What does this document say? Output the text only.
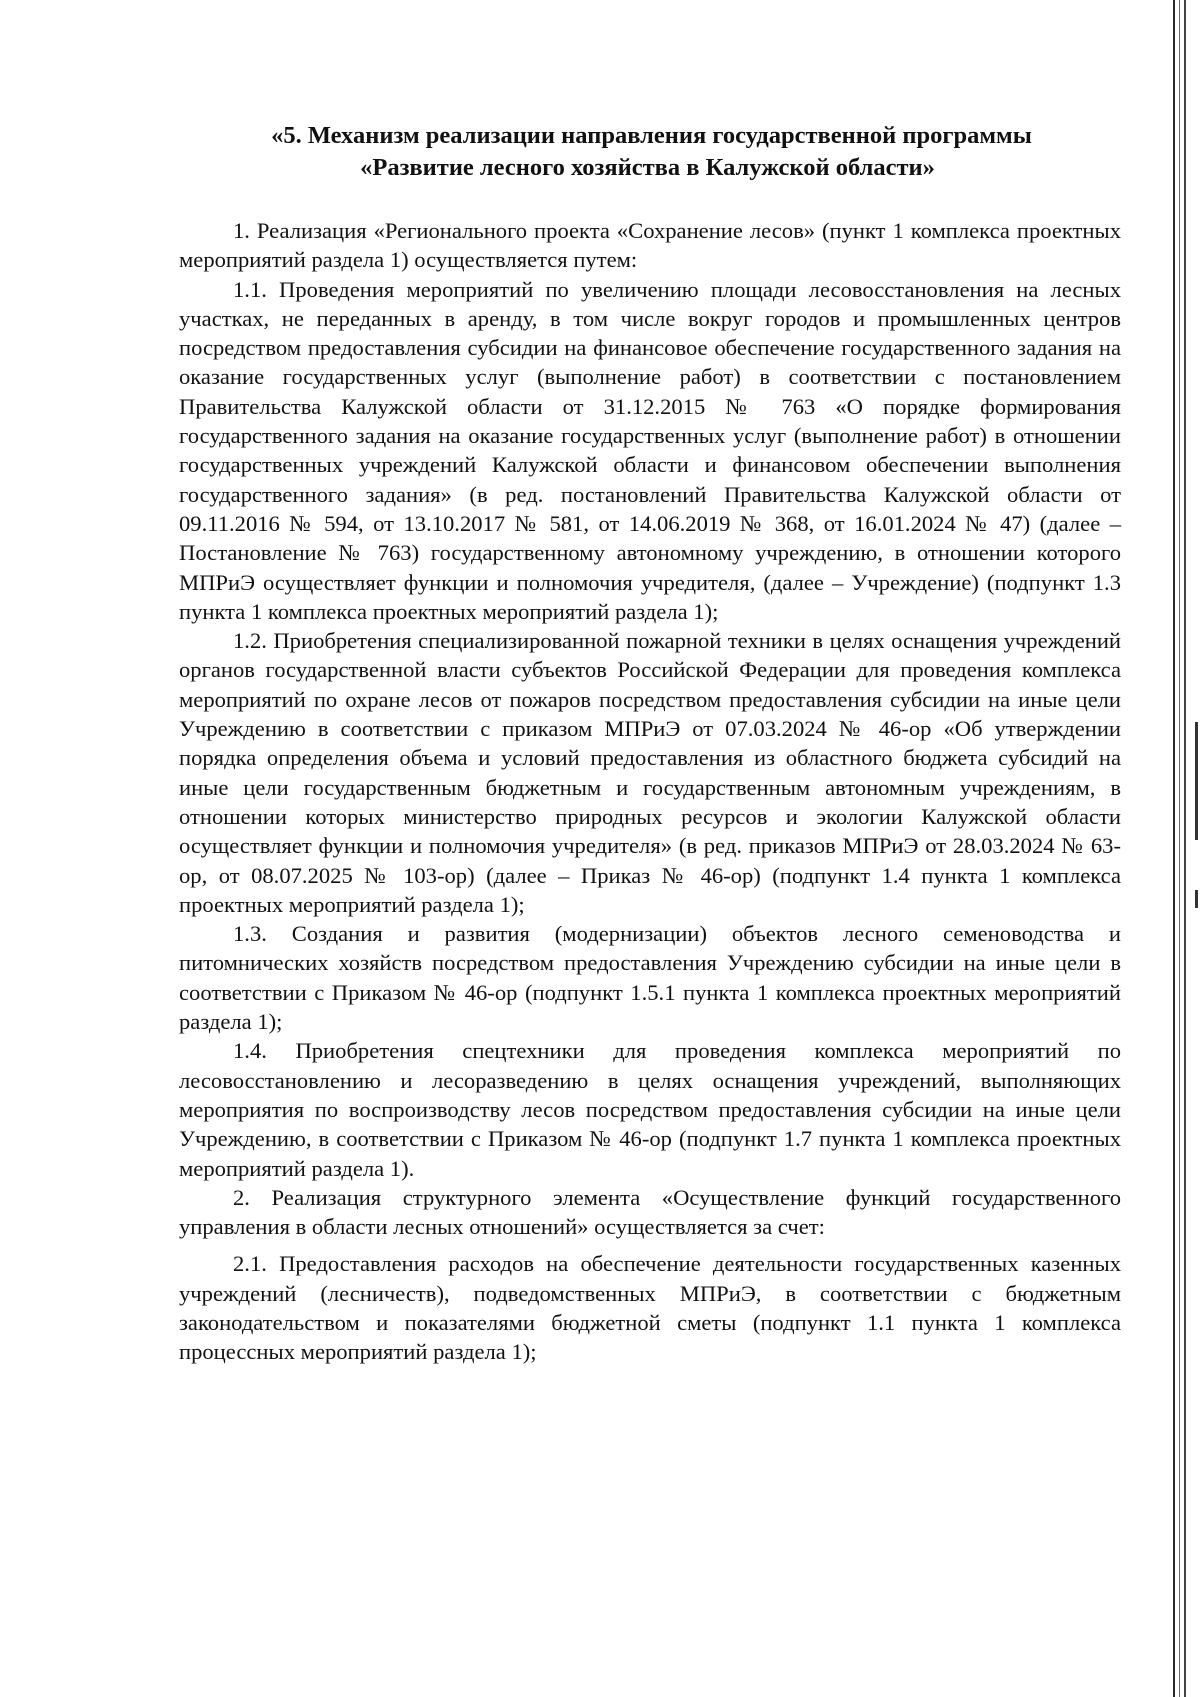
«5. Механизм реализации направления государственной программы
«Развитие лесного хозяйства в Калужской области»

1. Реализация «Регионального проекта «Сохранение лесов» (пункт 1 комплекса проектных мероприятий раздела 1) осуществляется путем:

1.1. Проведения мероприятий по увеличению площади лесовосстановления на лесных участках, не переданных в аренду, в том числе вокруг городов и промышленных центров посредством предоставления субсидии на финансовое обеспечение государственного задания на оказание государственных услуг (выполнение работ) в соответствии с постановлением Правительства Калужской области от 31.12.2015 № 763 «О порядке формирования государственного задания на оказание государственных услуг (выполнение работ) в отношении государственных учреждений Калужской области и финансовом обеспечении выполнения государственного задания» (в ред. постановлений Правительства Калужской области от 09.11.2016 № 594, от 13.10.2017 № 581, от 14.06.2019 № 368, от 16.01.2024 № 47) (далее – Постановление № 763) государственному автономному учреждению, в отношении которого МПРиЭ осуществляет функции и полномочия учредителя, (далее – Учреждение) (подпункт 1.3 пункта 1 комплекса проектных мероприятий раздела 1);

1.2. Приобретения специализированной пожарной техники в целях оснащения учреждений органов государственной власти субъектов Российской Федерации для проведения комплекса мероприятий по охране лесов от пожаров посредством предоставления субсидии на иные цели Учреждению в соответствии с приказом МПРиЭ от 07.03.2024 № 46-ор «Об утверждении порядка определения объема и условий предоставления из областного бюджета субсидий на иные цели государственным бюджетным и государственным автономным учреждениям, в отношении которых министерство природных ресурсов и экологии Калужской области осуществляет функции и полномочия учредителя» (в ред. приказов МПРиЭ от 28.03.2024 № 63-ор, от 08.07.2025 № 103-ор) (далее – Приказ № 46-ор) (подпункт 1.4 пункта 1 комплекса проектных мероприятий раздела 1);

1.3. Создания и развития (модернизации) объектов лесного семеноводства и питомнических хозяйств посредством предоставления Учреждению субсидии на иные цели в соответствии с Приказом № 46-ор (подпункт 1.5.1 пункта 1 комплекса проектных мероприятий раздела 1);

1.4. Приобретения спецтехники для проведения комплекса мероприятий по лесовосстановлению и лесоразведению в целях оснащения учреждений, выполняющих мероприятия по воспроизводству лесов посредством предоставления субсидии на иные цели Учреждению, в соответствии с Приказом № 46-ор (подпункт 1.7 пункта 1 комплекса проектных мероприятий раздела 1).

2. Реализация структурного элемента «Осуществление функций государственного управления в области лесных отношений» осуществляется за счет:

2.1. Предоставления расходов на обеспечение деятельности государственных казенных учреждений (лесничеств), подведомственных МПРиЭ, в соответствии с бюджетным законодательством и показателями бюджетной сметы (подпункт 1.1 пункта 1 комплекса процессных мероприятий раздела 1);
